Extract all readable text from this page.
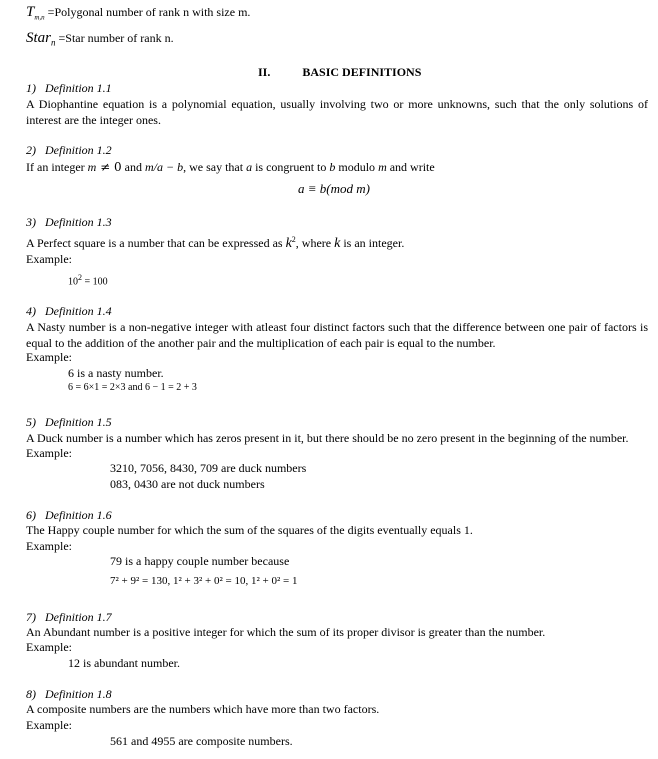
$T_{m,n}$ =Polygonal number of rank n with size m.
Star$_n$ =Star number of rank n.
II.	BASIC DEFINITIONS
1) Definition 1.1
A Diophantine equation is a polynomial equation, usually involving two or more unknowns, such that the only solutions of interest are the integer ones.
2) Definition 1.2
If an integer m ≠ 0 and m/a − b, we say that a is congruent to b modulo m and write
a ≡ b(mod m)
3) Definition 1.3
A Perfect square is a number that can be expressed as $k^2$, where k is an integer.
Example:
$10^2 = 100$
4) Definition 1.4
A Nasty number is a non-negative integer with atleast four distinct factors such that the difference between one pair of factors is equal to the addition of the another pair and the multiplication of each pair is equal to the number.
Example:
6 is a nasty number.
6 = 6×1 = 2×3 and 6 − 1 = 2 + 3
5) Definition 1.5
A Duck number is a number which has zeros present in it, but there should be no zero present in the beginning of the number.
Example:
3210, 7056, 8430, 709 are duck numbers
083, 0430 are not duck numbers
6) Definition 1.6
The Happy couple number for which the sum of the squares of the digits eventually equals 1.
Example:
79 is a happy couple number because
7² + 9² = 130, 1² + 3² + 0² = 10, 1² + 0² = 1
7) Definition 1.7
An Abundant number is a positive integer for which the sum of its proper divisor is greater than the number.
Example:
12 is abundant number.
8) Definition 1.8
A composite numbers are the numbers which have more than two factors.
Example:
561 and 4955 are composite numbers.
